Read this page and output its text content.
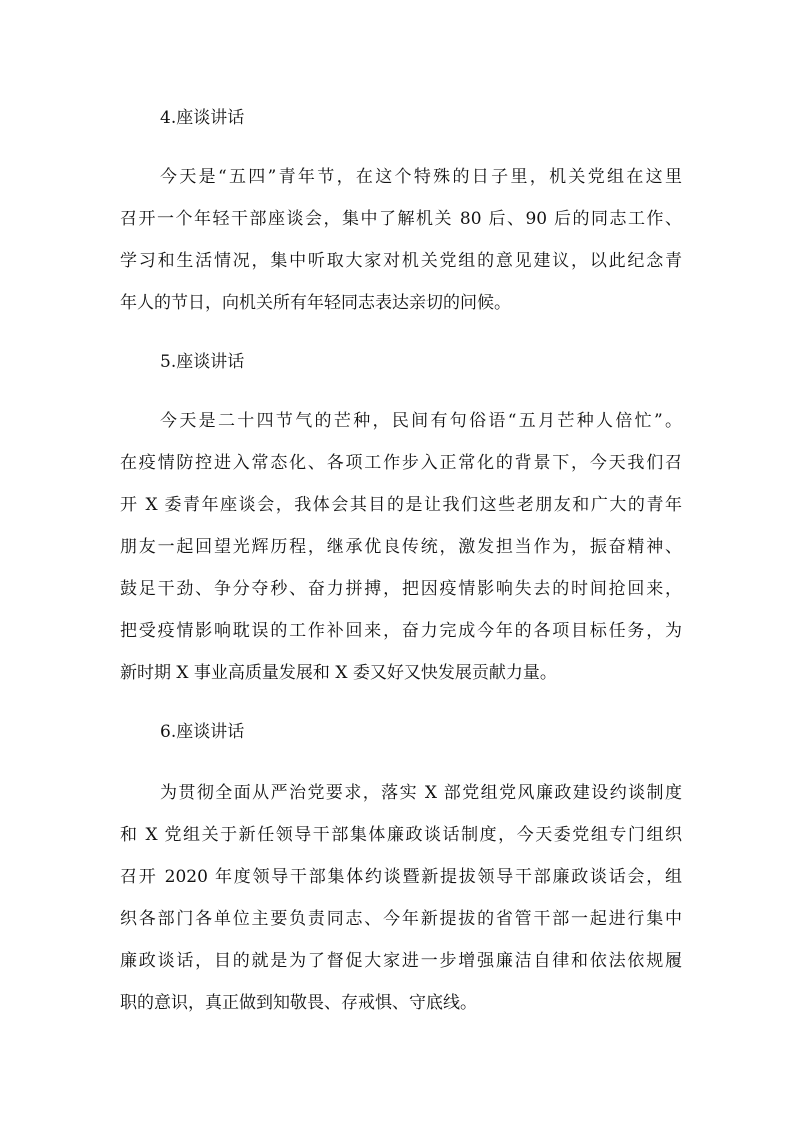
4.座谈讲话
今天是“五四”青年节，在这个特殊的日子里，机关党组在这里
召开一个年轻干部座谈会，集中了解机关 80 后、90 后的同志工作、
学习和生活情况，集中听取大家对机关党组的意见建议，以此纪念青
年人的节日，向机关所有年轻同志表达亲切的问候。
5.座谈讲话
今天是二十四节气的芒种，民间有句俗语“五月芒种人倍忙”。
在疫情防控进入常态化、各项工作步入正常化的背景下，今天我们召
开 X 委青年座谈会，我体会其目的是让我们这些老朋友和广大的青年
朋友一起回望光辉历程，继承优良传统，激发担当作为，振奋精神、
鼓足干劲、争分夺秒、奋力拼搏，把因疫情影响失去的时间抢回来，
把受疫情影响耽误的工作补回来，奋力完成今年的各项目标任务，为
新时期 X 事业高质量发展和 X 委又好又快发展贡献力量。
6.座谈讲话
为贯彻全面从严治党要求，落实 X 部党组党风廉政建设约谈制度
和 X 党组关于新任领导干部集体廉政谈话制度，今天委党组专门组织
召开 2020 年度领导干部集体约谈暨新提拔领导干部廉政谈话会，组
织各部门各单位主要负责同志、今年新提拔的省管干部一起进行集中
廉政谈话，目的就是为了督促大家进一步增强廉洁自律和依法依规履
职的意识，真正做到知敬畏、存戒惧、守底线。
